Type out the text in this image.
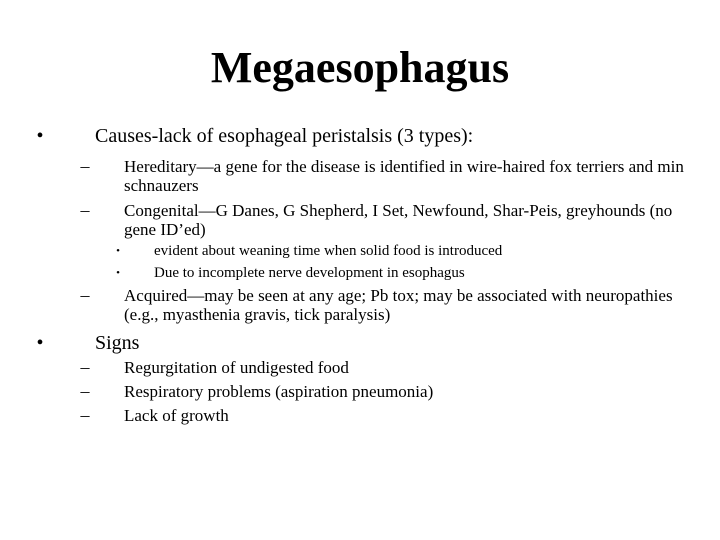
Megaesophagus
•	Causes-lack of esophageal peristalsis (3 types):
–	Hereditary—a gene for the disease is identified in wire-haired fox terriers and min schnauzers
–	Congenital—G Danes, G Shepherd, I Set, Newfound, Shar-Peis, greyhounds (no gene ID’ed)
•	evident about weaning time when solid food is introduced
•	Due to incomplete nerve development in esophagus
–	Acquired—may be seen at any age; Pb tox; may be associated with neuropathies (e.g., myasthenia gravis, tick paralysis)
•	Signs
–	Regurgitation of undigested food
–	Respiratory problems (aspiration pneumonia)
–	Lack of growth
